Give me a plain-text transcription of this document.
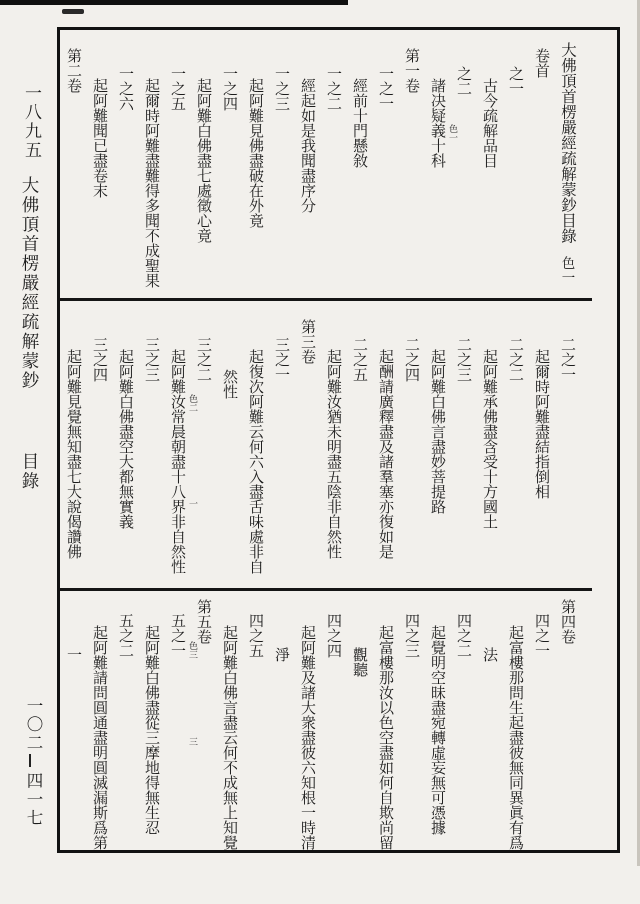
一八九五
大佛頂首楞嚴經疏解蒙鈔
目錄
一〇二
四一七
大佛頂首楞嚴經疏解蒙鈔目錄
色一
卷首
之一
古今疏解品目
之二
諸决疑義十科 色一
第一卷
一之一
經前十門懸敘
一之二
經起如是我聞盡序分
一之三
起阿難見佛盡破在外竟
一之四
起阿難白佛盡七處徵心竟
一之五
起爾時阿難盡難得多聞不成聖果
一之六
起阿難聞已盡卷末
第二卷
二之一
起爾時阿難盡結指倒相
二之二
起阿難承佛盡含受十方國土
二之三
起阿難白佛言盡妙菩提路
二之四
起酬請廣釋盡及諸羣塞亦復如是
二之五
起阿難汝猶未明盡五陰非自然性
第三卷
三之一
起復次阿難云何六入盡舌味處非自
然性
三之二
起阿難汝常晨朝盡十八界非自然性 色二
一
三之三
起阿難白佛盡空大都無實義
三之四
起阿難見覺無知盡七大說偈讚佛
第四卷
四之一
起富樓那問生起盡彼無同異眞有爲
法
四之二
起覺明空昧盡宛轉虛妄無可憑據
四之三
起富樓那汝以色空盡如何自欺尚留
觀聽
四之四
起阿難及諸大衆盡彼六知根一時清
淨
四之五
起阿難白佛言盡云何不成無上知覺
第五卷
五之一 色三
三
起阿難白佛盡從三摩地得無生忍
五之二
起阿難請問圓通盡明圓滅漏斯爲第
一
